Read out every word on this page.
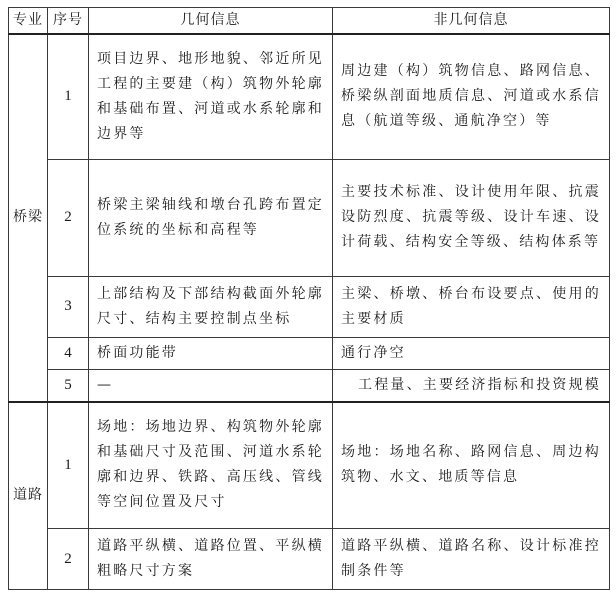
专业	序号	几何信息	非几何信息
桥梁	1	项目边界、地形地貌、邻近所见工程的主要建（构）筑物外轮廓和基础布置、河道或水系轮廓和边界等	周边建（构）筑物信息、路网信息、桥梁纵剖面地质信息、河道或水系信息（航道等级、通航净空）等
	2	桥梁主梁轴线和墩台孔跨布置定位系统的坐标和高程等	主要技术标准、设计使用年限、抗震设防烈度、抗震等级、设计车速、设计荷载、结构安全等级、结构体系等
	3	上部结构及下部结构截面外轮廓尺寸、结构主要控制点坐标	主梁、桥墩、桥台布设要点、使用的主要材质
	4	桥面功能带	通行净空
	5	—	工程量、主要经济指标和投资规模
道路	1	场地：场地边界、构筑物外轮廓和基础尺寸及范围、河道水系轮廓和边界、铁路、高压线、管线等空间位置及尺寸	场地：场地名称、路网信息、周边构筑物、水文、地质等信息
	2	道路平纵横、道路位置、平纵横粗略尺寸方案	道路平纵横、道路名称、设计标准控制条件等
